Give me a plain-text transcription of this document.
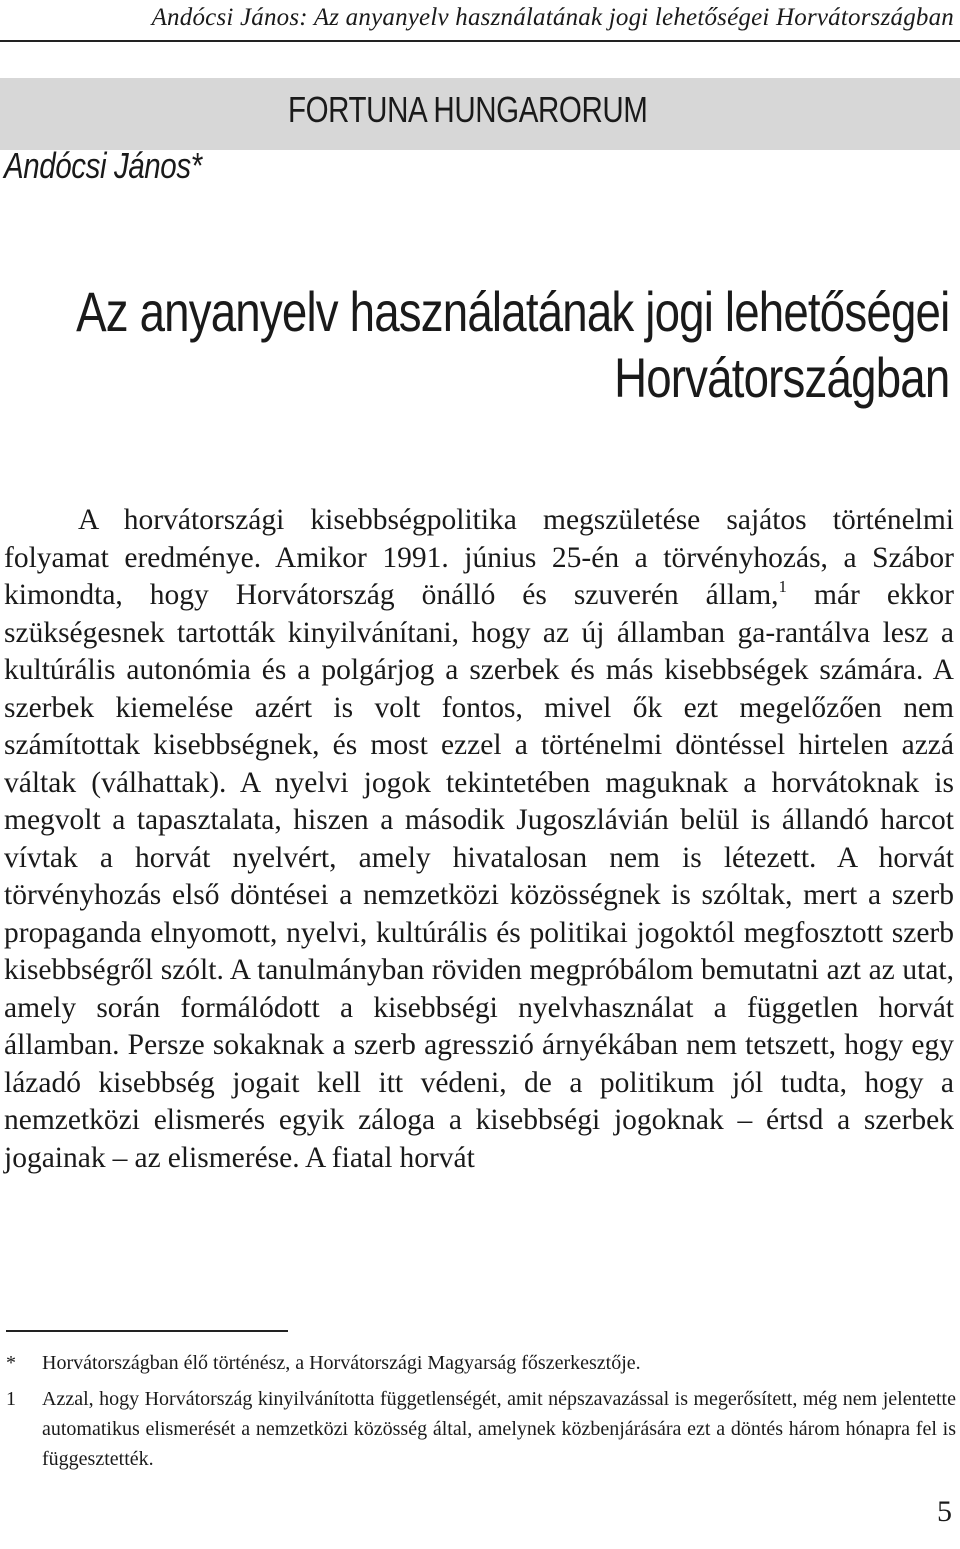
Andócsi János: Az anyanyelv használatának jogi lehetőségei Horvátországban
FORTUNA HUNGARORUM
Andócsi János*
Az anyanyelv használatának jogi lehetőségei
Horvátországban
A horvátországi kisebbségpolitika megszületése sajátos történelmi folyamat eredménye. Amikor 1991. június 25-én a törvényhozás, a Szábor kimondta, hogy Horvátország önálló és szuverén állam,$^1$ már ekkor szükségesnek tartották kinyilvánítani, hogy az új államban ga-rantálva lesz a kultúrális autonómia és a polgárjog a szerbek és más kisebbségek számára. A szerbek kiemelése azért is volt fontos, mivel ők ezt megelőzően nem számítottak kisebbségnek, és most ezzel a történelmi döntéssel hirtelen azzá váltak (válhattak). A nyelvi jogok tekintetében maguknak a horvátoknak is megvolt a tapasztalata, hiszen a második Jugoszlávián belül is állandó harcot vívtak a horvát nyelvért, amely hivatalosan nem is létezett. A horvát törvényhozás első döntései a nemzetközi közösségnek is szóltak, mert a szerb propaganda elnyomott, nyelvi, kultúrális és politikai jogoktól megfosztott szerb kisebbségről szólt. A tanulmányban röviden megpróbálom bemutatni azt az utat, amely során formálódott a kisebbségi nyelvhasználat a független horvát államban. Persze sokaknak a szerb agresszió árnyékában nem tetszett, hogy egy lázadó kisebbség jogait kell itt védeni, de a politikum jól tudta, hogy a nemzetközi elismerés egyik záloga a kisebbségi jogoknak – értsd a szerbek jogainak – az elismerése. A fiatal horvát
*	Horvátországban élő történész, a Horvátországi Magyarság főszerkesztője.
1	Azzal, hogy Horvátország kinyilvánította függetlenségét, amit népszavazással is megerősített, még nem jelentette automatikus elismerését a nemzetközi közösség által, amelynek közbenjárására ezt a döntés három hónapra fel is függesztették.
5
